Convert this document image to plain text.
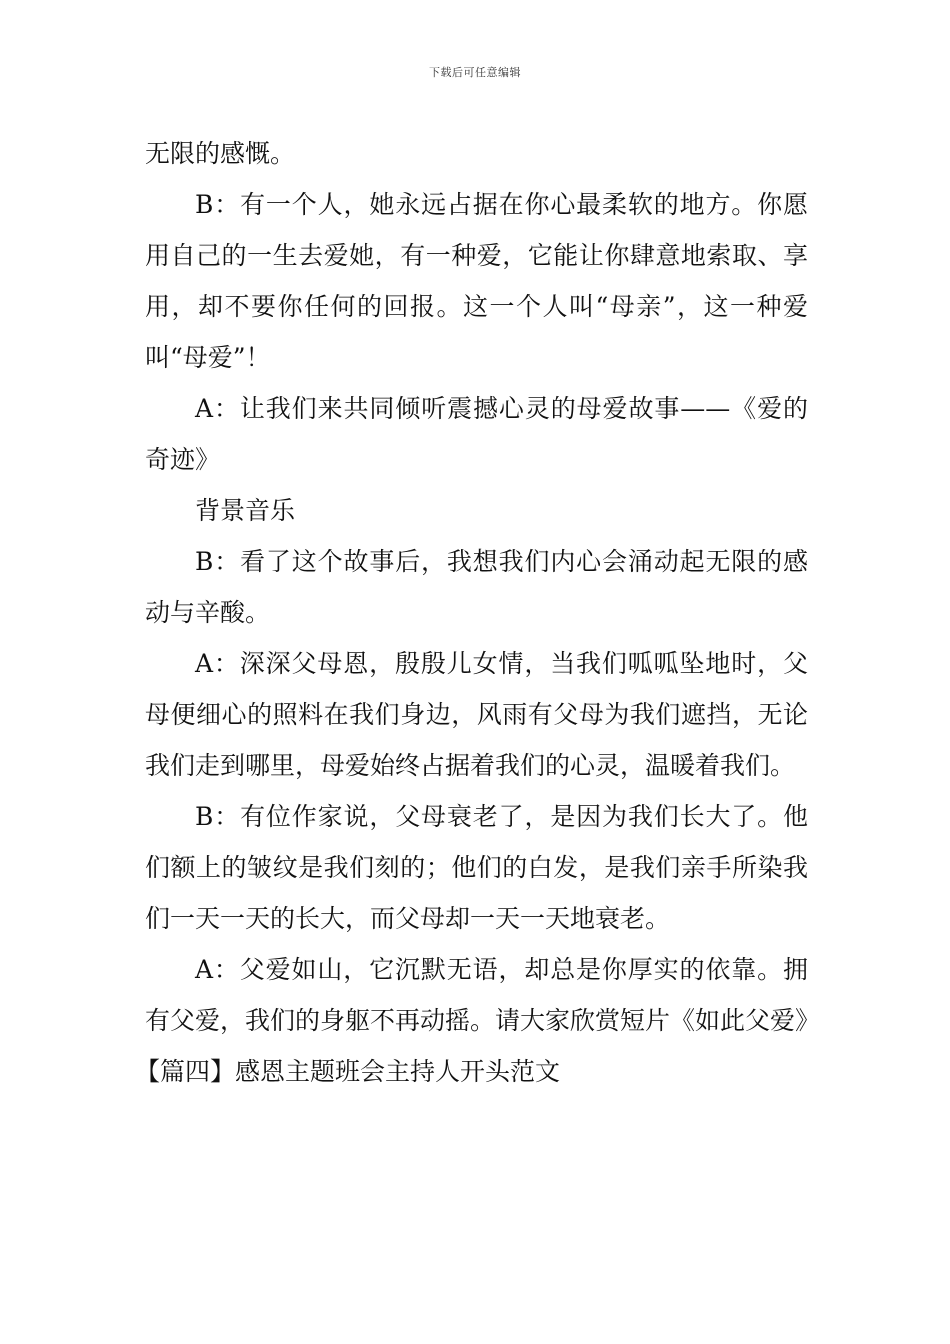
下载后可任意编辑

无限的感慨。

B：有一个人，她永远占据在你心最柔软的地方。你愿用自己的一生去爱她，有一种爱，它能让你肆意地索取、享用，却不要你任何的回报。这一个人叫“母亲”，这一种爱叫“母爱”！

A：让我们来共同倾听震撼心灵的母爱故事——《爱的奇迹》

背景音乐

B：看了这个故事后，我想我们内心会涌动起无限的感动与辛酸。

A：深深父母恩，殷殷儿女情，当我们呱呱坠地时，父母便细心的照料在我们身边，风雨有父母为我们遮挡，无论我们走到哪里，母爱始终占据着我们的心灵，温暖着我们。

B：有位作家说，父母衰老了，是因为我们长大了。他们额上的皱纹是我们刻的；他们的白发，是我们亲手所染我们一天一天的长大，而父母却一天一天地衰老。

A：父爱如山，它沉默无语，却总是你厚实的依靠。拥有父爱，我们的身躯不再动摇。请大家欣赏短片《如此父爱》

【篇四】感恩主题班会主持人开头范文
